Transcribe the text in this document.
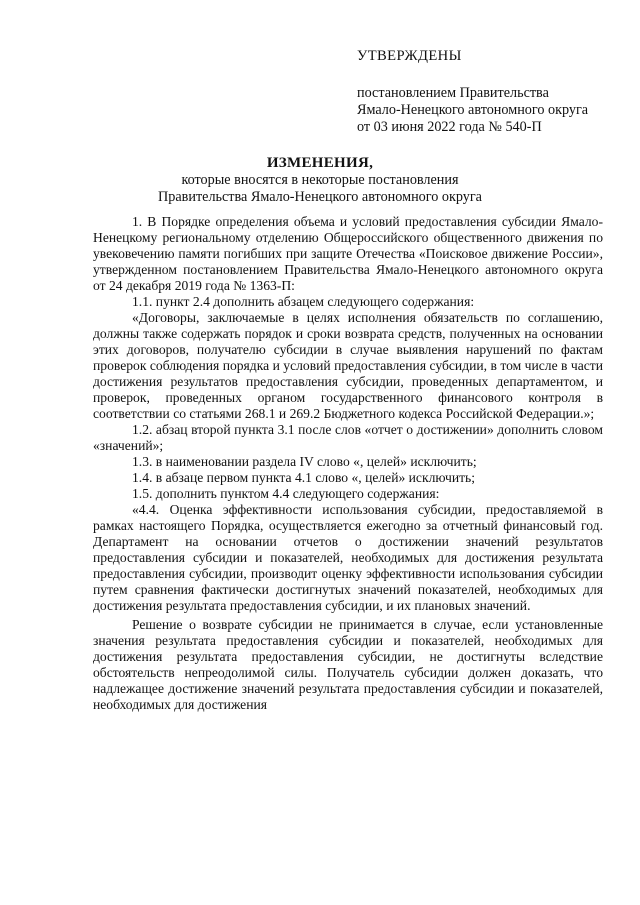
УТВЕРЖДЕНЫ
постановлением Правительства
Ямало-Ненецкого автономного округа
от 03 июня 2022 года № 540-П
ИЗМЕНЕНИЯ,
которые вносятся в некоторые постановления
Правительства Ямало-Ненецкого автономного округа

1. В Порядке определения объема и условий предоставления субсидии Ямало-Ненецкому региональному отделению Общероссийского общественного движения по увековечению памяти погибших при защите Отечества «Поисковое движение России», утвержденном постановлением Правительства Ямало-Ненецкого автономного округа от 24 декабря 2019 года № 1363-П:

1.1. пункт 2.4 дополнить абзацем следующего содержания:

«Договоры, заключаемые в целях исполнения обязательств по соглашению, должны также содержать порядок и сроки возврата средств, полученных на основании этих договоров, получателю субсидии в случае выявления нарушений по фактам проверок соблюдения порядка и условий предоставления субсидии, в том числе в части достижения результатов предоставления субсидии, проведенных департаментом, и проверок, проведенных органом государственного финансового контроля в соответствии со статьями 268.1 и 269.2 Бюджетного кодекса Российской Федерации.»;

1.2. абзац второй пункта 3.1 после слов «отчет о достижении» дополнить словом «значений»;

1.3. в наименовании раздела IV слово «, целей» исключить;

1.4. в абзаце первом пункта 4.1 слово «, целей» исключить;

1.5. дополнить пунктом 4.4 следующего содержания:

«4.4. Оценка эффективности использования субсидии, предоставляемой в рамках настоящего Порядка, осуществляется ежегодно за отчетный финансовый год. Департамент на основании отчетов о достижении значений результатов предоставления субсидии и показателей, необходимых для достижения результата предоставления субсидии, производит оценку эффективности использования субсидии путем сравнения фактически достигнутых значений показателей, необходимых для достижения результата предоставления субсидии, и их плановых значений.

Решение о возврате субсидии не принимается в случае, если установленные значения результата предоставления субсидии и показателей, необходимых для достижения результата предоставления субсидии, не достигнуты вследствие обстоятельств непреодолимой силы. Получатель субсидии должен доказать, что надлежащее достижение значений результата предоставления субсидии и показателей, необходимых для достижения
